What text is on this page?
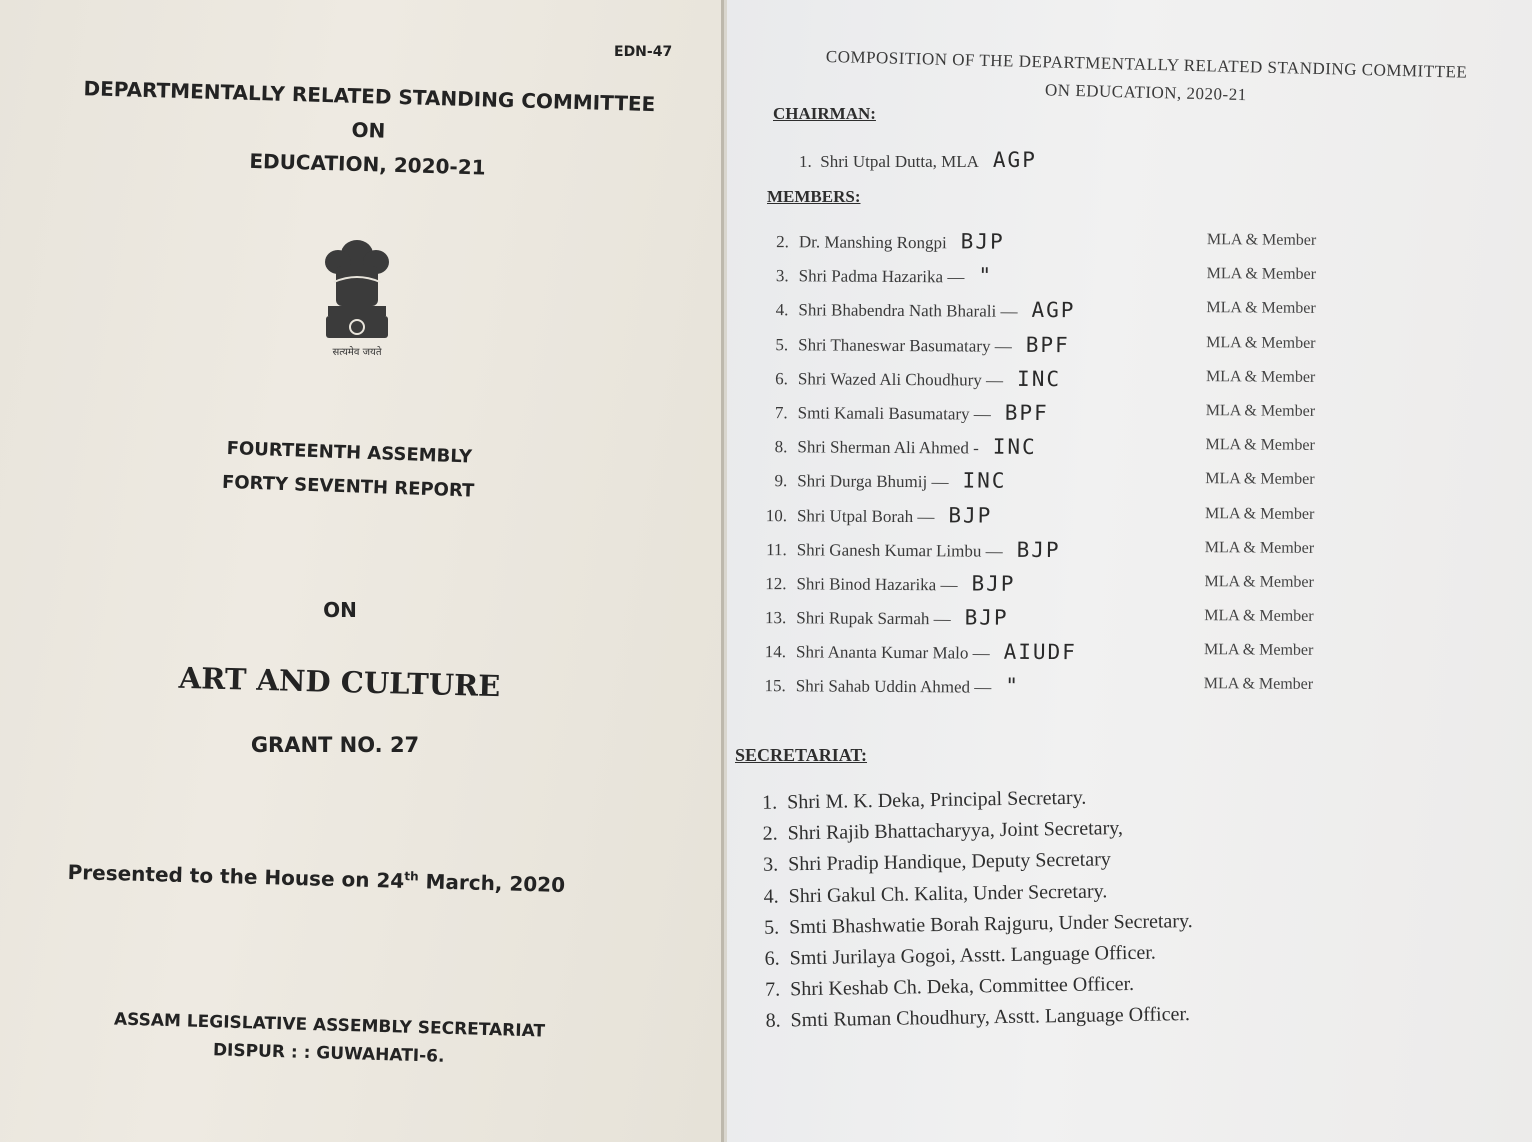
EDN-47

DEPARTMENTALLY RELATED STANDING COMMITTEE
ON
EDUCATION, 2020-21
सत्यमेव जयते
FOURTEENTH ASSEMBLY
FORTY SEVENTH REPORT

ON

ART AND CULTURE

GRANT NO. 27

Presented to the House on 24th March, 2020

ASSAM LEGISLATIVE ASSEMBLY SECRETARIAT
DISPUR : : GUWAHATI-6.
COMPOSITION OF THE DEPARTMENTALLY RELATED STANDING COMMITTEE
ON EDUCATION, 2020-21

CHAIRMAN:

1. Shri Utpal Dutta, MLA AGP

MEMBERS:

2. Dr. Manshing Rongpi BJP	MLA & Member
3. Shri Padma Hazarika — "	MLA & Member
4. Shri Bhabendra Nath Bharali — AGP	MLA & Member
5. Shri Thaneswar Basumatary — BPF	MLA & Member
6. Shri Wazed Ali Choudhury — INC	MLA & Member
7. Smti Kamali Basumatary — BPF	MLA & Member
8. Shri Sherman Ali Ahmed - INC	MLA & Member
9. Shri Durga Bhumij — INC	MLA & Member
10. Shri Utpal Borah — BJP	MLA & Member
11. Shri Ganesh Kumar Limbu — BJP	MLA & Member
12. Shri Binod Hazarika — BJP	MLA & Member
13. Shri Rupak Sarmah — BJP	MLA & Member
14. Shri Ananta Kumar Malo — AIUDF	MLA & Member
15. Shri Sahab Uddin Ahmed — "	MLA & Member

SECRETARIAT:

1. Shri M. K. Deka, Principal Secretary.
2. Shri Rajib Bhattacharyya, Joint Secretary,
3. Shri Pradip Handique, Deputy Secretary
4. Shri Gakul Ch. Kalita, Under Secretary.
5. Smti Bhashwatie Borah Rajguru, Under Secretary.
6. Smti Jurilaya Gogoi, Asstt. Language Officer.
7. Shri Keshab Ch. Deka, Committee Officer.
8. Smti Ruman Choudhury, Asstt. Language Officer.
